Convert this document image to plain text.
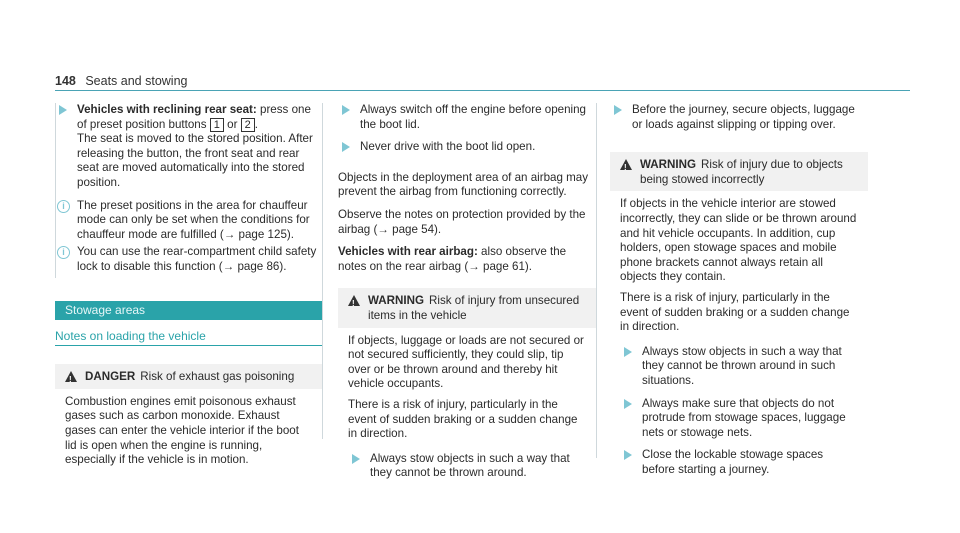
148 Seats and stowing
Vehicles with reclining rear seat: press one of preset position buttons 1 or 2 .
The seat is moved to the stored position. After releasing the button, the front seat and rear seat are moved automatically into the stored position.
i	The preset positions in the area for chauffeur mode can only be set when the conditions for chauffeur mode are fulfilled (→ page 125).
i	You can use the rear-compartment child safety lock to disable this function (→ page 86).
Stowage areas
Notes on loading the vehicle
!
DANGER Risk of exhaust gas poisoning

Combustion engines emit poisonous exhaust gases such as carbon monoxide. Exhaust gases can enter the vehicle interior if the boot lid is open when the engine is running, especially if the vehicle is in motion.

Always switch off the engine before opening the boot lid.
Never drive with the boot lid open.

Objects in the deployment area of an airbag may prevent the airbag from functioning correctly.

Observe the notes on protection provided by the airbag (→ page 54).

Vehicles with rear airbag: also observe the notes on the rear airbag (→ page 61).

!
WARNING Risk of injury from unsecured items in the vehicle

If objects, luggage or loads are not secured or not secured sufficiently, they could slip, tip over or be thrown around and thereby hit vehicle occupants.

There is a risk of injury, particularly in the event of sudden braking or a sudden change in direction.

Always stow objects in such a way that they cannot be thrown around.
Before the journey, secure objects, luggage or loads against slipping or tipping over.
!
WARNING Risk of injury due to objects being stowed incorrectly

If objects in the vehicle interior are stowed incorrectly, they can slide or be thrown around and hit vehicle occupants. In addition, cup holders, open stowage spaces and mobile phone brackets cannot always retain all objects they contain.

There is a risk of injury, particularly in the event of sudden braking or a sudden change in direction.

Always stow objects in such a way that they cannot be thrown around in such situations.
Always make sure that objects do not protrude from stowage spaces, luggage nets or stowage nets.
Close the lockable stowage spaces before starting a journey.
